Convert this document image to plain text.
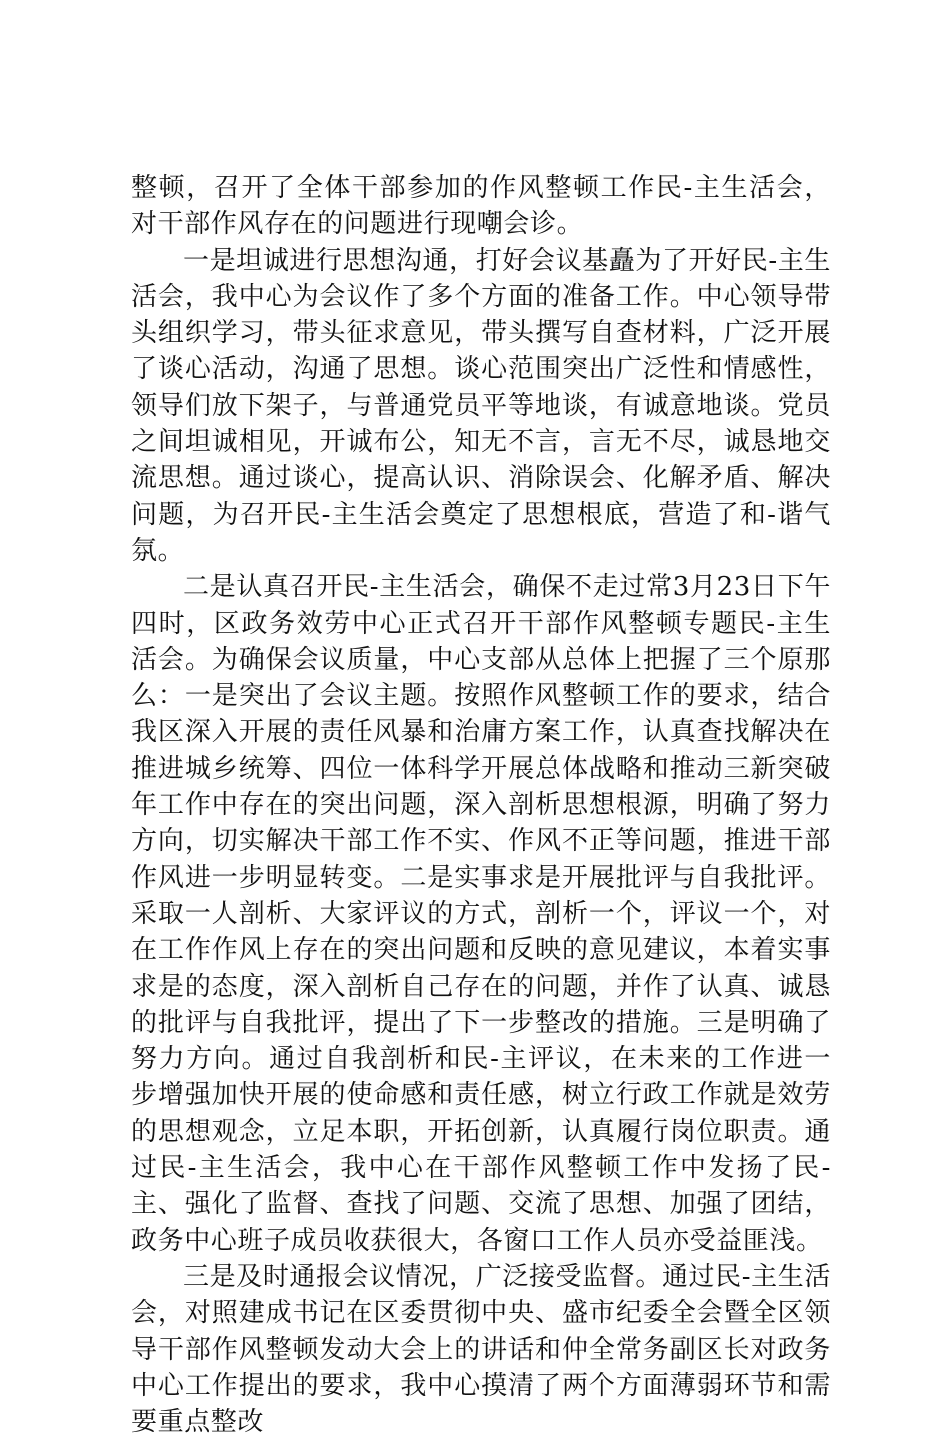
整顿，召开了全体干部参加的作风整顿工作民-主生活会，对干部作风存在的问题进行现嘲会诊。

一是坦诚进行思想沟通，打好会议基矗为了开好民-主生活会，我中心为会议作了多个方面的准备工作。中心领导带头组织学习，带头征求意见，带头撰写自查材料，广泛开展了谈心活动，沟通了思想。谈心范围突出广泛性和情感性，领导们放下架子，与普通党员平等地谈，有诚意地谈。党员之间坦诚相见，开诚布公，知无不言，言无不尽，诚恳地交流思想。通过谈心，提高认识、消除误会、化解矛盾、解决问题，为召开民-主生活会奠定了思想根底，营造了和-谐气氛。

二是认真召开民-主生活会，确保不走过常3月23日下午四时，区政务效劳中心正式召开干部作风整顿专题民-主生活会。为确保会议质量，中心支部从总体上把握了三个原那么：一是突出了会议主题。按照作风整顿工作的要求，结合我区深入开展的责任风暴和治庸方案工作，认真查找解决在推进城乡统筹、四位一体科学开展总体战略和推动三新突破年工作中存在的突出问题，深入剖析思想根源，明确了努力方向，切实解决干部工作不实、作风不正等问题，推进干部作风进一步明显转变。二是实事求是开展批评与自我批评。采取一人剖析、大家评议的方式，剖析一个，评议一个，对在工作作风上存在的突出问题和反映的意见建议，本着实事求是的态度，深入剖析自己存在的问题，并作了认真、诚恳的批评与自我批评，提出了下一步整改的措施。三是明确了努力方向。通过自我剖析和民-主评议，在未来的工作进一步增强加快开展的使命感和责任感，树立行政工作就是效劳的思想观念，立足本职，开拓创新，认真履行岗位职责。通过民-主生活会，我中心在干部作风整顿工作中发扬了民-主、强化了监督、查找了问题、交流了思想、加强了团结，政务中心班子成员收获很大，各窗口工作人员亦受益匪浅。

三是及时通报会议情况，广泛接受监督。通过民-主生活会，对照建成书记在区委贯彻中央、盛市纪委全会暨全区领导干部作风整顿发动大会上的讲话和仲全常务副区长对政务中心工作提出的要求，我中心摸清了两个方面薄弱环节和需要重点整改
